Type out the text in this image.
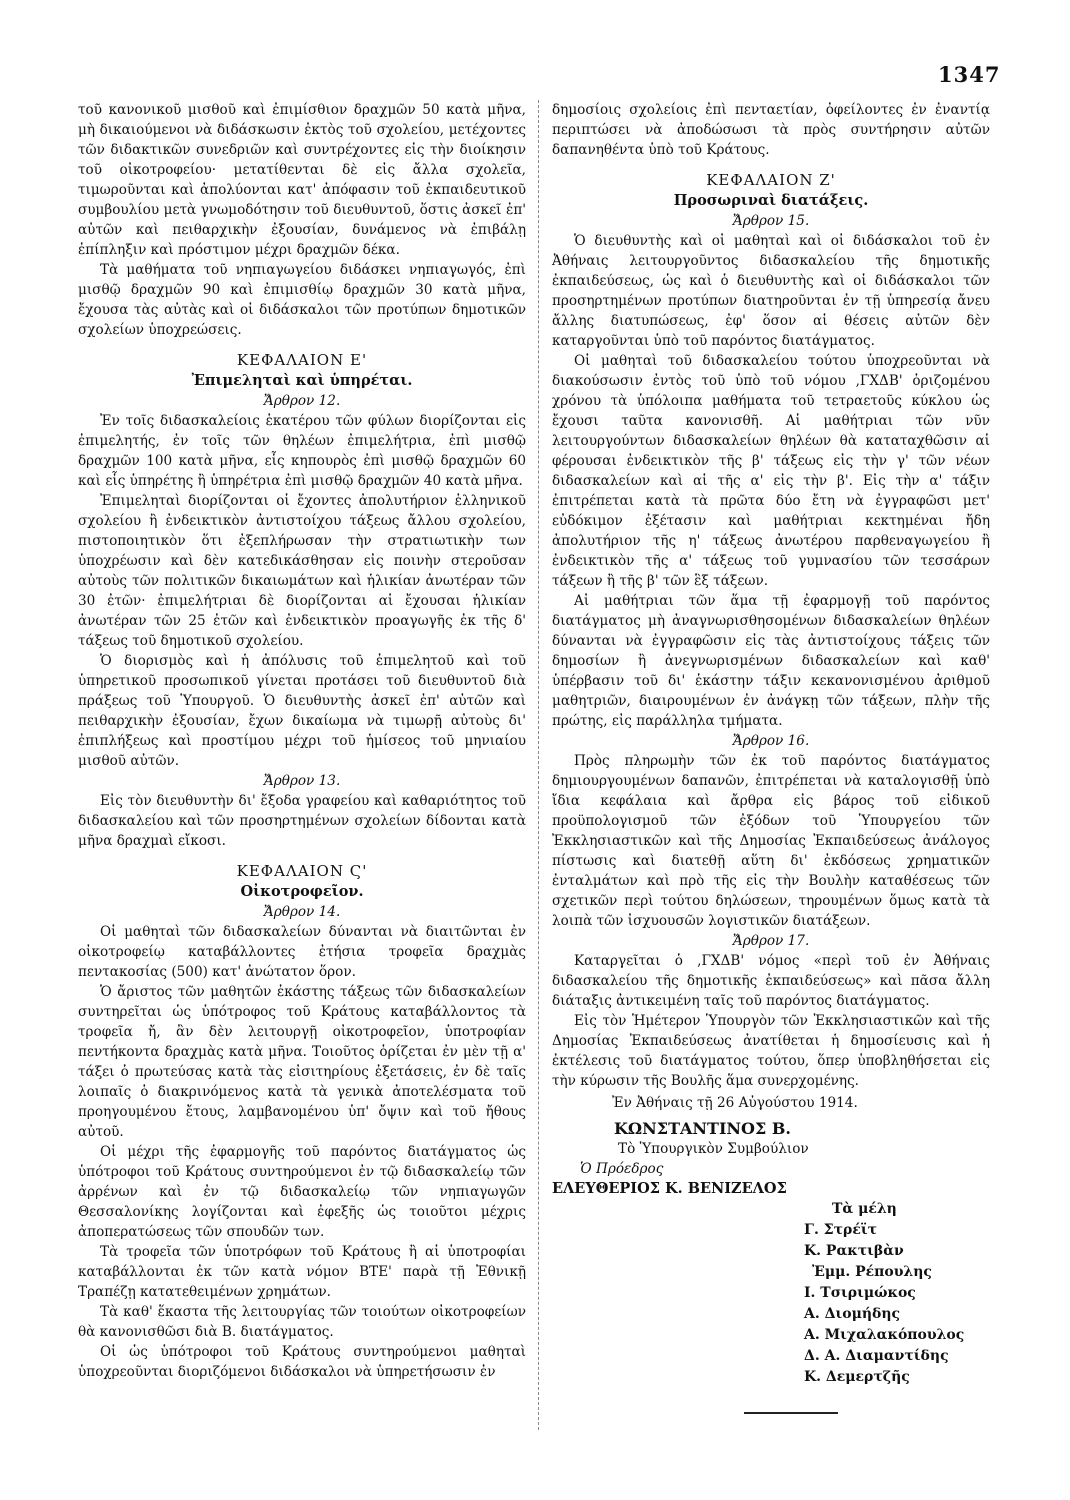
1347

τοῦ κανονικοῦ μισθοῦ καὶ ἐπιμίσθιον δραχμῶν 50 κατὰ μῆνα, μὴ δικαιούμενοι νὰ διδάσκωσιν ἐκτὸς τοῦ σχολείου, μετέχοντες τῶν διδακτικῶν συνεδριῶν καὶ συντρέχοντες εἰς τὴν διοίκησιν τοῦ οἰκοτροφείου· μετατίθενται δὲ εἰς ἄλλα σχολεῖα, τιμωροῦνται καὶ ἀπολύονται κατ' ἀπόφασιν τοῦ ἐκπαιδευτικοῦ συμβουλίου μετὰ γνωμοδότησιν τοῦ διευθυντοῦ, ὅστις ἀσκεῖ ἐπ' αὐτῶν καὶ πειθαρχικὴν ἐξουσίαν, δυνάμενος νὰ ἐπιβάλῃ ἐπίπληξιν καὶ πρόστιμον μέχρι δραχμῶν δέκα.

Τὰ μαθήματα τοῦ νηπιαγωγείου διδάσκει νηπιαγωγός, ἐπὶ μισθῷ δραχμῶν 90 καὶ ἐπιμισθίῳ δραχμῶν 30 κατὰ μῆνα, ἔχουσα τὰς αὐτὰς καὶ οἱ διδάσκαλοι τῶν προτύπων δημοτικῶν σχολείων ὑποχρεώσεις.

ΚΕΦΑΛΑΙΟΝ Ε'
Ἐπιμεληταὶ καὶ ὑπηρέται.
Ἄρθρον 12.

Ἐν τοῖς διδασκαλείοις ἑκατέρου τῶν φύλων διορίζονται εἰς ἐπιμελητής, ἐν τοῖς τῶν θηλέων ἐπιμελήτρια, ἐπὶ μισθῷ δραχμῶν 100 κατὰ μῆνα, εἷς κηπουρὸς ἐπὶ μισθῷ δραχμῶν 60 καὶ εἷς ὑπηρέτης ἢ ὑπηρέτρια ἐπὶ μισθῷ δραχμῶν 40 κατὰ μῆνα.

Ἐπιμεληταὶ διορίζονται οἱ ἔχοντες ἀπολυτήριον ἑλληνικοῦ σχολείου ἢ ἐνδεικτικὸν ἀντιστοίχου τάξεως ἄλλου σχολείου, πιστοποιητικὸν ὅτι ἐξεπλήρωσαν τὴν στρατιωτικὴν των ὑποχρέωσιν καὶ δὲν κατεδικάσθησαν εἰς ποινὴν στεροῦσαν αὐτοὺς τῶν πολιτικῶν δικαιωμάτων καὶ ἡλικίαν ἀνωτέραν τῶν 30 ἐτῶν· ἐπιμελήτριαι δὲ διορίζονται αἱ ἔχουσαι ἡλικίαν ἀνωτέραν τῶν 25 ἐτῶν καὶ ἐνδεικτικὸν προαγωγῆς ἐκ τῆς δ' τάξεως τοῦ δημοτικοῦ σχολείου.

Ὁ διορισμὸς καὶ ἡ ἀπόλυσις τοῦ ἐπιμελητοῦ καὶ τοῦ ὑπηρετικοῦ προσωπικοῦ γίνεται προτάσει τοῦ διευθυντοῦ διὰ πράξεως τοῦ Ὑπουργοῦ. Ὁ διευθυντὴς ἀσκεῖ ἐπ' αὐτῶν καὶ πειθαρχικὴν ἐξουσίαν, ἔχων δικαίωμα νὰ τιμωρῇ αὐτοὺς δι' ἐπιπλήξεως καὶ προστίμου μέχρι τοῦ ἡμίσεος τοῦ μηνιαίου μισθοῦ αὐτῶν.

Ἄρθρον 13.

Εἰς τὸν διευθυντὴν δι' ἔξοδα γραφείου καὶ καθαριότητος τοῦ διδασκαλείου καὶ τῶν προσηρτημένων σχολείων δίδονται κατὰ μῆνα δραχμαὶ εἴκοσι.

ΚΕΦΑΛΑΙΟΝ Ϛ'
Οἰκοτροφεῖον.
Ἄρθρον 14.

Οἱ μαθηταὶ τῶν διδασκαλείων δύνανται νὰ διαιτῶνται ἐν οἰκοτροφείῳ καταβάλλοντες ἐτήσια τροφεῖα δραχμὰς πεντακοσίας (500) κατ' ἀνώτατον ὅρον.

Ὁ ἄριστος τῶν μαθητῶν ἑκάστης τάξεως τῶν διδασκαλείων συντηρεῖται ὡς ὑπότροφος τοῦ Κράτους καταβάλλοντος τὰ τροφεῖα ἤ, ἂν δὲν λειτουργῇ οἰκοτροφεῖον, ὑποτροφίαν πεντήκοντα δραχμὰς κατὰ μῆνα. Τοιοῦτος ὁρίζεται ἐν μὲν τῇ α' τάξει ὁ πρωτεύσας κατὰ τὰς εἰσιτηρίους ἐξετάσεις, ἐν δὲ ταῖς λοιπαῖς ὁ διακρινόμενος κατὰ τὰ γενικὰ ἀποτελέσματα τοῦ προηγουμένου ἔτους, λαμβανομένου ὑπ' ὄψιν καὶ τοῦ ἤθους αὐτοῦ.

Οἱ μέχρι τῆς ἐφαρμογῆς τοῦ παρόντος διατάγματος ὡς ὑπότροφοι τοῦ Κράτους συντηρούμενοι ἐν τῷ διδασκαλείῳ τῶν ἀρρένων καὶ ἐν τῷ διδασκαλείῳ τῶν νηπιαγωγῶν Θεσσαλονίκης λογίζονται καὶ ἐφεξῆς ὡς τοιοῦτοι μέχρις ἀποπερατώσεως τῶν σπουδῶν των.

Τὰ τροφεῖα τῶν ὑποτρόφων τοῦ Κράτους ἢ αἱ ὑποτροφίαι καταβάλλονται ἐκ τῶν κατὰ νόμον ΒΤΕ' παρὰ τῇ Ἐθνικῇ Τραπέζῃ κατατεθειμένων χρημάτων.

Τὰ καθ' ἕκαστα τῆς λειτουργίας τῶν τοιούτων οἰκοτροφείων θὰ κανονισθῶσι διὰ Β. διατάγματος.

Οἱ ὡς ὑπότροφοι τοῦ Κράτους συντηρούμενοι μαθηταὶ ὑποχρεοῦνται διοριζόμενοι διδάσκαλοι νὰ ὑπηρετήσωσιν ἐν

δημοσίοις σχολείοις ἐπὶ πενταετίαν, ὀφείλοντες ἐν ἐναντίᾳ περιπτώσει νὰ ἀποδώσωσι τὰ πρὸς συντήρησιν αὐτῶν δαπανηθέντα ὑπὸ τοῦ Κράτους.

ΚΕΦΑΛΑΙΟΝ Ζ'
Προσωριναὶ διατάξεις.
Ἄρθρον 15.

Ὁ διευθυντὴς καὶ οἱ μαθηταὶ καὶ οἱ διδάσκαλοι τοῦ ἐν Ἀθήναις λειτουργοῦντος διδασκαλείου τῆς δημοτικῆς ἐκπαιδεύσεως, ὡς καὶ ὁ διευθυντὴς καὶ οἱ διδάσκαλοι τῶν προσηρτημένων προτύπων διατηροῦνται ἐν τῇ ὑπηρεσίᾳ ἄνευ ἄλλης διατυπώσεως, ἐφ' ὅσον αἱ θέσεις αὐτῶν δὲν καταργοῦνται ὑπὸ τοῦ παρόντος διατάγματος.

Οἱ μαθηταὶ τοῦ διδασκαλείου τούτου ὑποχρεοῦνται νὰ διακούσωσιν ἐντὸς τοῦ ὑπὸ τοῦ νόμου ,ΓΧΔΒ' ὁριζομένου χρόνου τὰ ὑπόλοιπα μαθήματα τοῦ τετραετοῦς κύκλου ὡς ἔχουσι ταῦτα κανονισθῆ. Αἱ μαθήτριαι τῶν νῦν λειτουργούντων διδασκαλείων θηλέων θὰ καταταχθῶσιν αἱ φέρουσαι ἐνδεικτικὸν τῆς β' τάξεως εἰς τὴν γ' τῶν νέων διδασκαλείων καὶ αἱ τῆς α' εἰς τὴν β'. Εἰς τὴν α' τάξιν ἐπιτρέπεται κατὰ τὰ πρῶτα δύο ἔτη νὰ ἐγγραφῶσι μετ' εὐδόκιμον ἐξέτασιν καὶ μαθήτριαι κεκτημέναι ἤδη ἀπολυτήριον τῆς η' τάξεως ἀνωτέρου παρθεναγωγείου ἢ ἐνδεικτικὸν τῆς α' τάξεως τοῦ γυμνασίου τῶν τεσσάρων τάξεων ἢ τῆς β' τῶν ἓξ τάξεων.

Αἱ μαθήτριαι τῶν ἅμα τῇ ἐφαρμογῇ τοῦ παρόντος διατάγματος μὴ ἀναγνωρισθησομένων διδασκαλείων θηλέων δύνανται νὰ ἐγγραφῶσιν εἰς τὰς ἀντιστοίχους τάξεις τῶν δημοσίων ἢ ἀνεγνωρισμένων διδασκαλείων καὶ καθ' ὑπέρβασιν τοῦ δι' ἑκάστην τάξιν κεκανονισμένου ἀριθμοῦ μαθητριῶν, διαιρουμένων ἐν ἀνάγκῃ τῶν τάξεων, πλὴν τῆς πρώτης, εἰς παράλληλα τμήματα.

Ἄρθρον 16.

Πρὸς πληρωμὴν τῶν ἐκ τοῦ παρόντος διατάγματος δημιουργουμένων δαπανῶν, ἐπιτρέπεται νὰ καταλογισθῇ ὑπὸ ἴδια κεφάλαια καὶ ἄρθρα εἰς βάρος τοῦ εἰδικοῦ προϋπολογισμοῦ τῶν ἐξόδων τοῦ Ὑπουργείου τῶν Ἐκκλησιαστικῶν καὶ τῆς Δημοσίας Ἐκπαιδεύσεως ἀνάλογος πίστωσις καὶ διατεθῇ αὕτη δι' ἐκδόσεως χρηματικῶν ἐνταλμάτων καὶ πρὸ τῆς εἰς τὴν Βουλὴν καταθέσεως τῶν σχετικῶν περὶ τούτου δηλώσεων, τηρουμένων ὅμως κατὰ τὰ λοιπὰ τῶν ἰσχυουσῶν λογιστικῶν διατάξεων.

Ἄρθρον 17.

Καταργεῖται ὁ ,ΓΧΔΒ' νόμος «περὶ τοῦ ἐν Ἀθήναις διδασκαλείου τῆς δημοτικῆς ἐκπαιδεύσεως» καὶ πᾶσα ἄλλη διάταξις ἀντικειμένη ταῖς τοῦ παρόντος διατάγματος.

Εἰς τὸν Ἡμέτερον Ὑπουργὸν τῶν Ἐκκλησιαστικῶν καὶ τῆς Δημοσίας Ἐκπαιδεύσεως ἀνατίθεται ἡ δημοσίευσις καὶ ἡ ἐκτέλεσις τοῦ διατάγματος τούτου, ὅπερ ὑποβληθήσεται εἰς τὴν κύρωσιν τῆς Βουλῆς ἅμα συνερχομένης.

Ἐν Ἀθήναις τῇ 26 Αὐγούστου 1914.

ΚΩΝΣΤΑΝΤΙΝΟΣ Β.

Τὸ Ὑπουργικὸν Συμβούλιον

Ὁ Πρόεδρος

ΕΛΕΥΘΕΡΙΟΣ Κ. ΒΕΝΙΖΕΛΟΣ

Τὰ μέλη
Γ. Στρέϊτ
Κ. Ρακτιβὰν
Ἐμμ. Ρέπουλης
Ι. Τσιριμώκος
Α. Διομήδης
Α. Μιχαλακόπουλος
Δ. Α. Διαμαντίδης
Κ. Δεμερτζῆς
